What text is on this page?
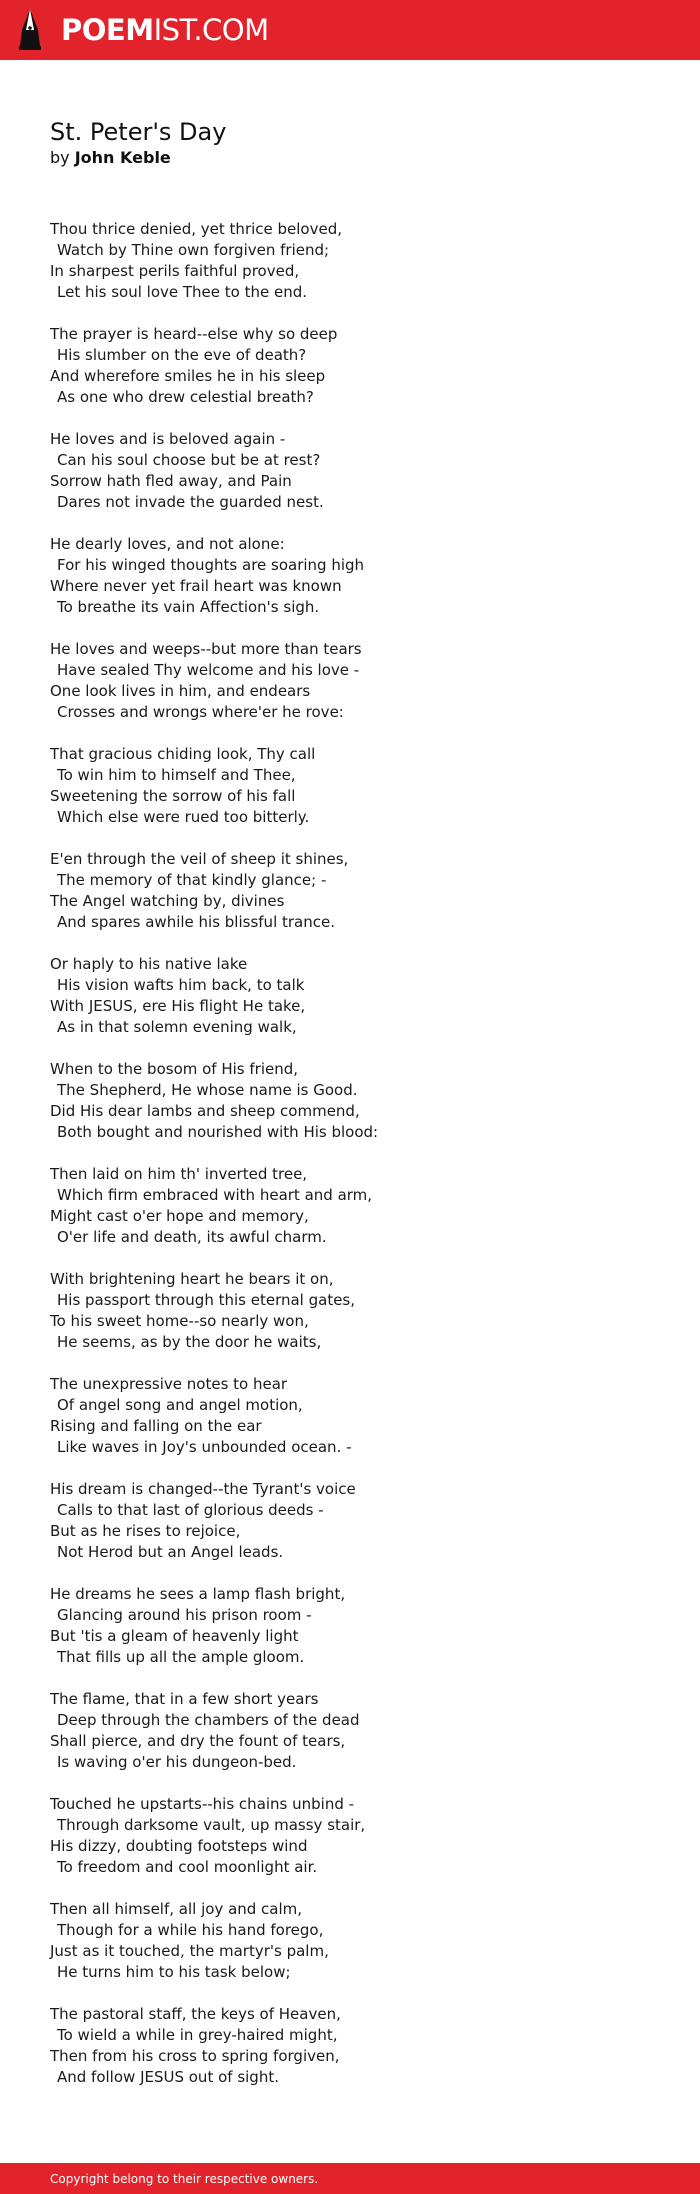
POEMIST.COM
St. Peter's Day
by John Keble
Thou thrice denied, yet thrice beloved,
Watch by Thine own forgiven friend;
In sharpest perils faithful proved,
Let his soul love Thee to the end.
The prayer is heard--else why so deep
His slumber on the eve of death?
And wherefore smiles he in his sleep
As one who drew celestial breath?
He loves and is beloved again -
Can his soul choose but be at rest?
Sorrow hath fled away, and Pain
Dares not invade the guarded nest.
He dearly loves, and not alone:
For his winged thoughts are soaring high
Where never yet frail heart was known
To breathe its vain Affection's sigh.
He loves and weeps--but more than tears
Have sealed Thy welcome and his love -
One look lives in him, and endears
Crosses and wrongs where'er he rove:
That gracious chiding look, Thy call
To win him to himself and Thee,
Sweetening the sorrow of his fall
Which else were rued too bitterly.
E'en through the veil of sheep it shines,
The memory of that kindly glance; -
The Angel watching by, divines
And spares awhile his blissful trance.
Or haply to his native lake
His vision wafts him back, to talk
With JESUS, ere His flight He take,
As in that solemn evening walk,
When to the bosom of His friend,
The Shepherd, He whose name is Good.
Did His dear lambs and sheep commend,
Both bought and nourished with His blood:
Then laid on him th' inverted tree,
Which firm embraced with heart and arm,
Might cast o'er hope and memory,
O'er life and death, its awful charm.
With brightening heart he bears it on,
His passport through this eternal gates,
To his sweet home--so nearly won,
He seems, as by the door he waits,
The unexpressive notes to hear
Of angel song and angel motion,
Rising and falling on the ear
Like waves in Joy's unbounded ocean. -
His dream is changed--the Tyrant's voice
Calls to that last of glorious deeds -
But as he rises to rejoice,
Not Herod but an Angel leads.
He dreams he sees a lamp flash bright,
Glancing around his prison room -
But 'tis a gleam of heavenly light
That fills up all the ample gloom.
The flame, that in a few short years
Deep through the chambers of the dead
Shall pierce, and dry the fount of tears,
Is waving o'er his dungeon-bed.
Touched he upstarts--his chains unbind -
Through darksome vault, up massy stair,
His dizzy, doubting footsteps wind
To freedom and cool moonlight air.
Then all himself, all joy and calm,
Though for a while his hand forego,
Just as it touched, the martyr's palm,
He turns him to his task below;
The pastoral staff, the keys of Heaven,
To wield a while in grey-haired might,
Then from his cross to spring forgiven,
And follow JESUS out of sight.
Copyright belong to their respective owners.
